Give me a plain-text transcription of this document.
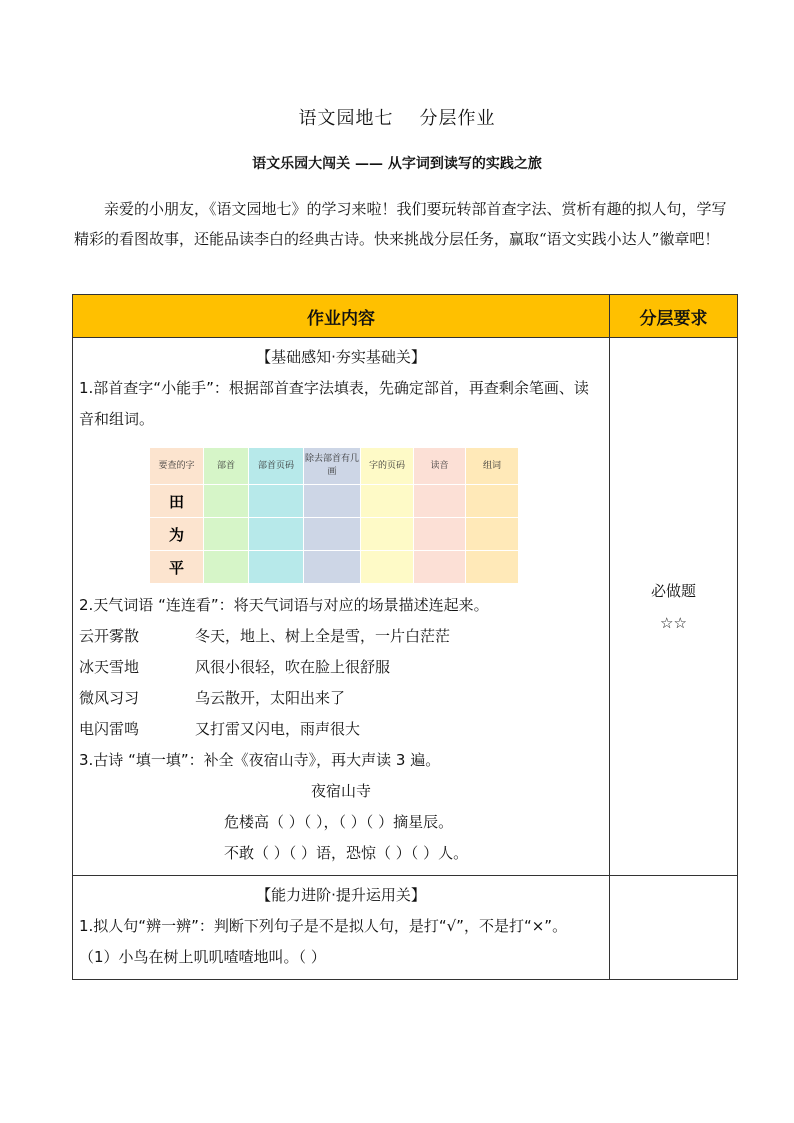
语文园地七 分层作业
语文乐园大闯关 —— 从字词到读写的实践之旅
亲爱的小朋友，《语文园地七》的学习来啦！我们要玩转部首查字法、赏析有趣的拟人句，学写精彩的看图故事，还能品读李白的经典古诗。快来挑战分层任务，赢取“语文实践小达人”徽章吧！
作业内容	分层要求

【基础感知·夯实基础关】
1.部首查字“小能手”：根据部首查字法填表，先确定部首，再查剩余笔画、读音和组词。
要查的字	部首	部首页码	除去部首有几画	字的页码	读音	组词
田						
为						
平						
2.天气词语 “连连看”：将天气词语与对应的场景描述连起来。
云开雾散	冬天，地上、树上全是雪，一片白茫茫
冰天雪地	风很小很轻，吹在脸上很舒服
微风习习	乌云散开，太阳出来了
电闪雷鸣	又打雷又闪电，雨声很大
3.古诗 “填一填”：补全《夜宿山寺》，再大声读 3 遍。
夜宿山寺
危楼高（ ）（ ），（ ）（ ）摘星辰。
不敢（ ）（ ）语，恐惊（ ）（ ）人。

必做题
☆☆

【能力进阶·提升运用关】
1.拟人句“辨一辨”：判断下列句子是不是拟人句，是打“√”，不是打“×”。
（1）小鸟在树上叽叽喳喳地叫。（ ）
